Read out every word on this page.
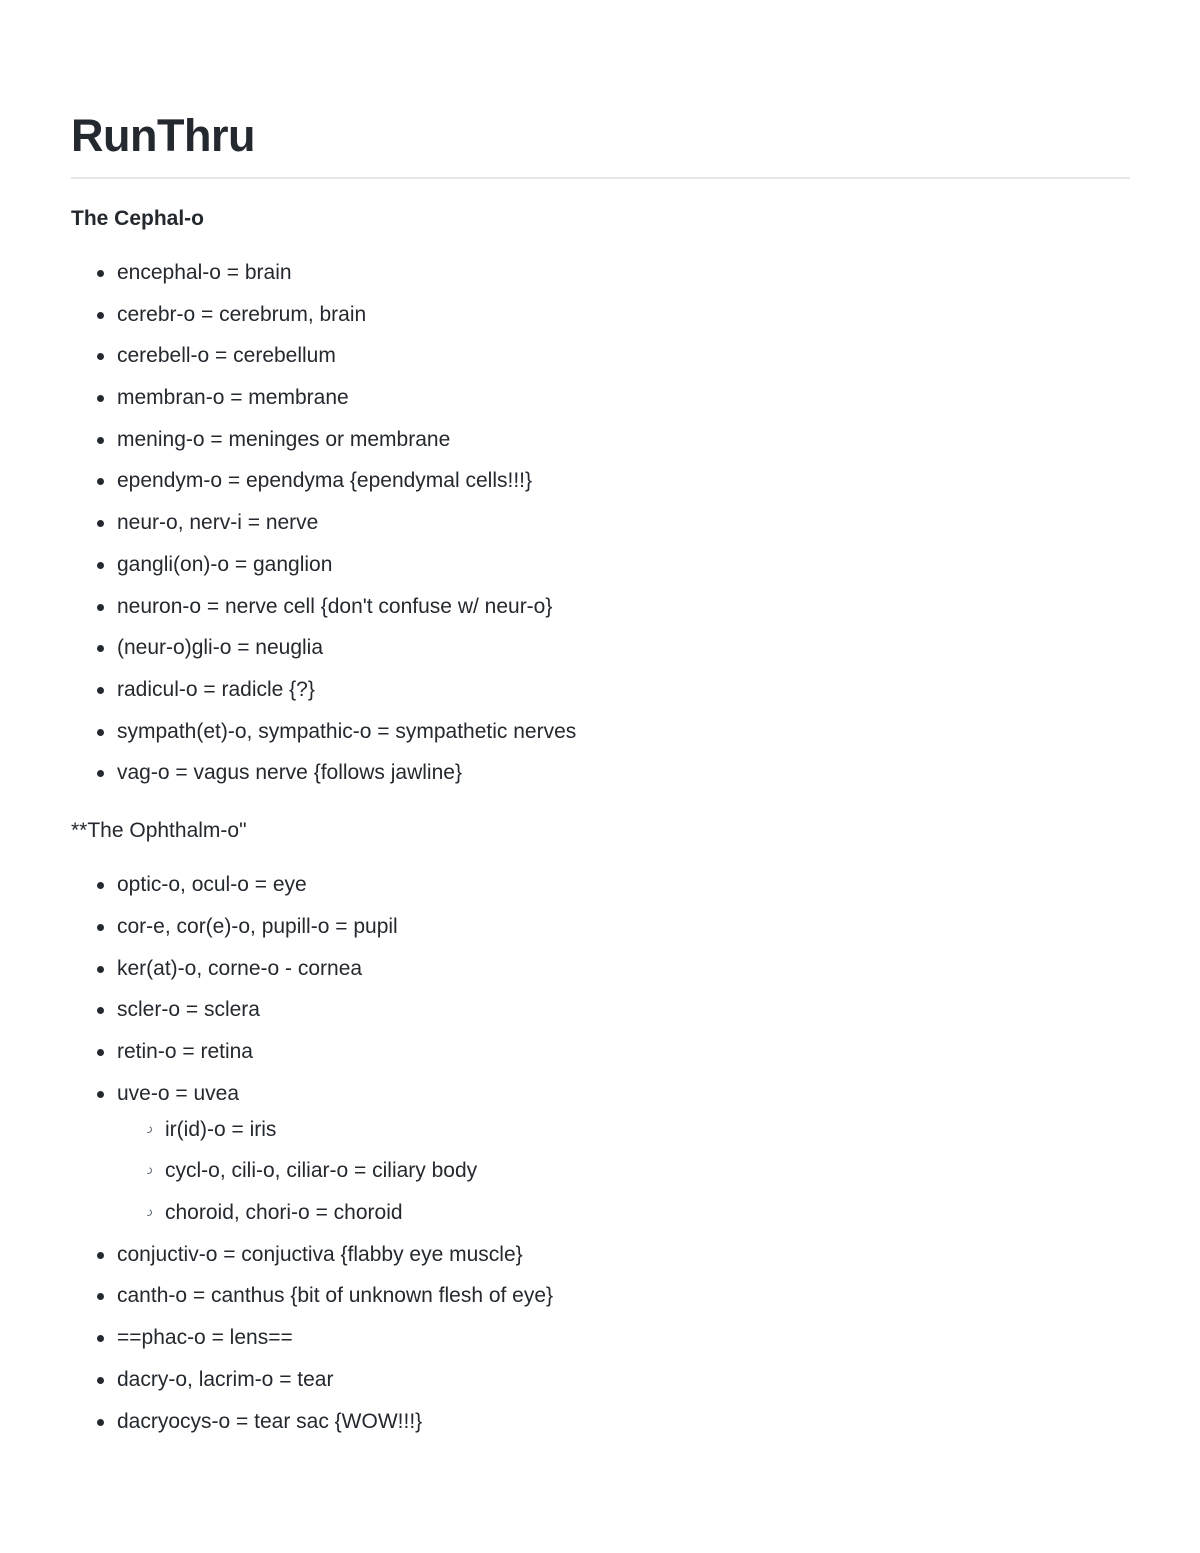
RunThru

The Cephal-o

encephal-o = brain
cerebr-o = cerebrum, brain
cerebell-o = cerebellum
membran-o = membrane
mening-o = meninges or membrane
ependym-o = ependyma {ependymal cells!!!}
neur-o, nerv-i = nerve
gangli(on)-o = ganglion
neuron-o = nerve cell {don't confuse w/ neur-o}
(neur-o)gli-o = neuglia
radicul-o = radicle {?}
sympath(et)-o, sympathic-o = sympathetic nerves
vag-o = vagus nerve {follows jawline}

**The Ophthalm-o"

optic-o, ocul-o = eye
cor-e, cor(e)-o, pupill-o = pupil
ker(at)-o, corne-o - cornea
scler-o = sclera
retin-o = retina
uve-o = uvea
ir(id)-o = iris
cycl-o, cili-o, ciliar-o = ciliary body
choroid, chori-o = choroid
conjuctiv-o = conjuctiva {flabby eye muscle}
canth-o = canthus {bit of unknown flesh of eye}
==phac-o = lens==
dacry-o, lacrim-o = tear
dacryocys-o = tear sac {WOW!!!}
